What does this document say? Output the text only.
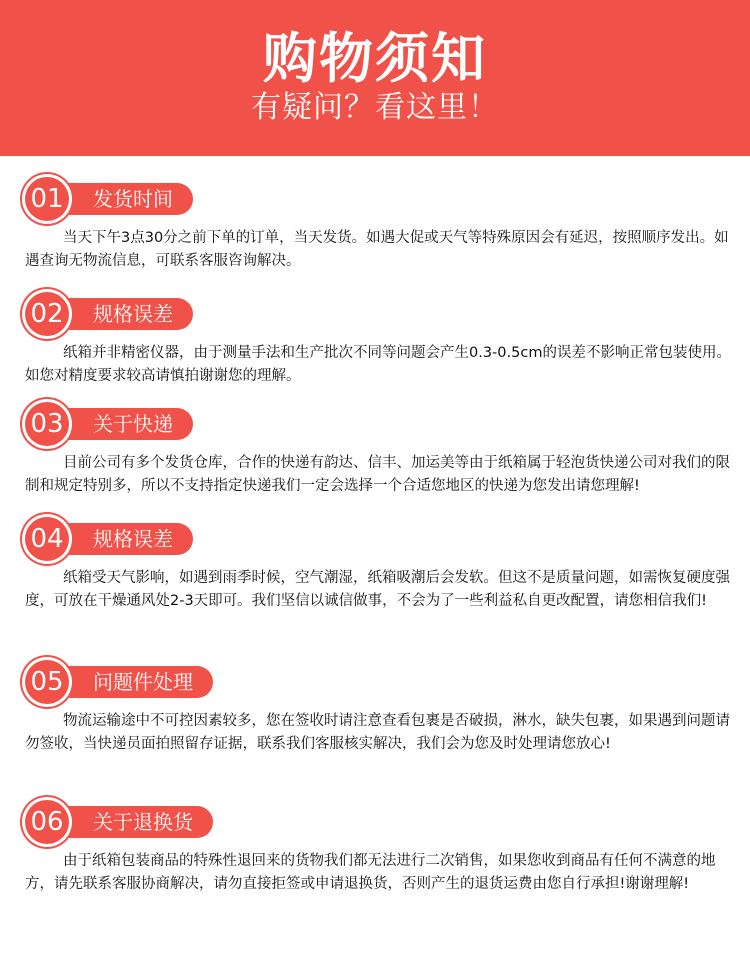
购物须知
有疑问？看这里！
01	发货时间
当天下午3点30分之前下单的订单，当天发货。如遇大促或天气等特殊原因会有延迟，按照顺序发出。如遇查询无物流信息，可联系客服咨询解决。
02	规格误差
纸箱并非精密仪器，由于测量手法和生产批次不同等问题会产生0.3-0.5cm的误差不影响正常包装使用。如您对精度要求较高请慎拍谢谢您的理解。
03	关于快递
目前公司有多个发货仓库，合作的快递有韵达、信丰、加运美等由于纸箱属于轻泡货快递公司对我们的限制和规定特别多，所以不支持指定快递我们一定会选择一个合适您地区的快递为您发出请您理解!
04	规格误差
纸箱受天气影响，如遇到雨季时候，空气潮湿，纸箱吸潮后会发软。但这不是质量问题，如需恢复硬度强度，可放在干燥通风处2-3天即可。我们坚信以诚信做事，不会为了一些利益私自更改配置，请您相信我们!
05	问题件处理
物流运输途中不可控因素较多，您在签收时请注意查看包裹是否破损，淋水，缺失包裹，如果遇到问题请勿签收，当快递员面拍照留存证据，联系我们客服核实解决，我们会为您及时处理请您放心!
06	关于退换货
由于纸箱包装商品的特殊性退回来的货物我们都无法进行二次销售，如果您收到商品有任何不满意的地方，请先联系客服协商解决，请勿直接拒签或申请退换货，否则产生的退货运费由您自行承担!谢谢理解!
